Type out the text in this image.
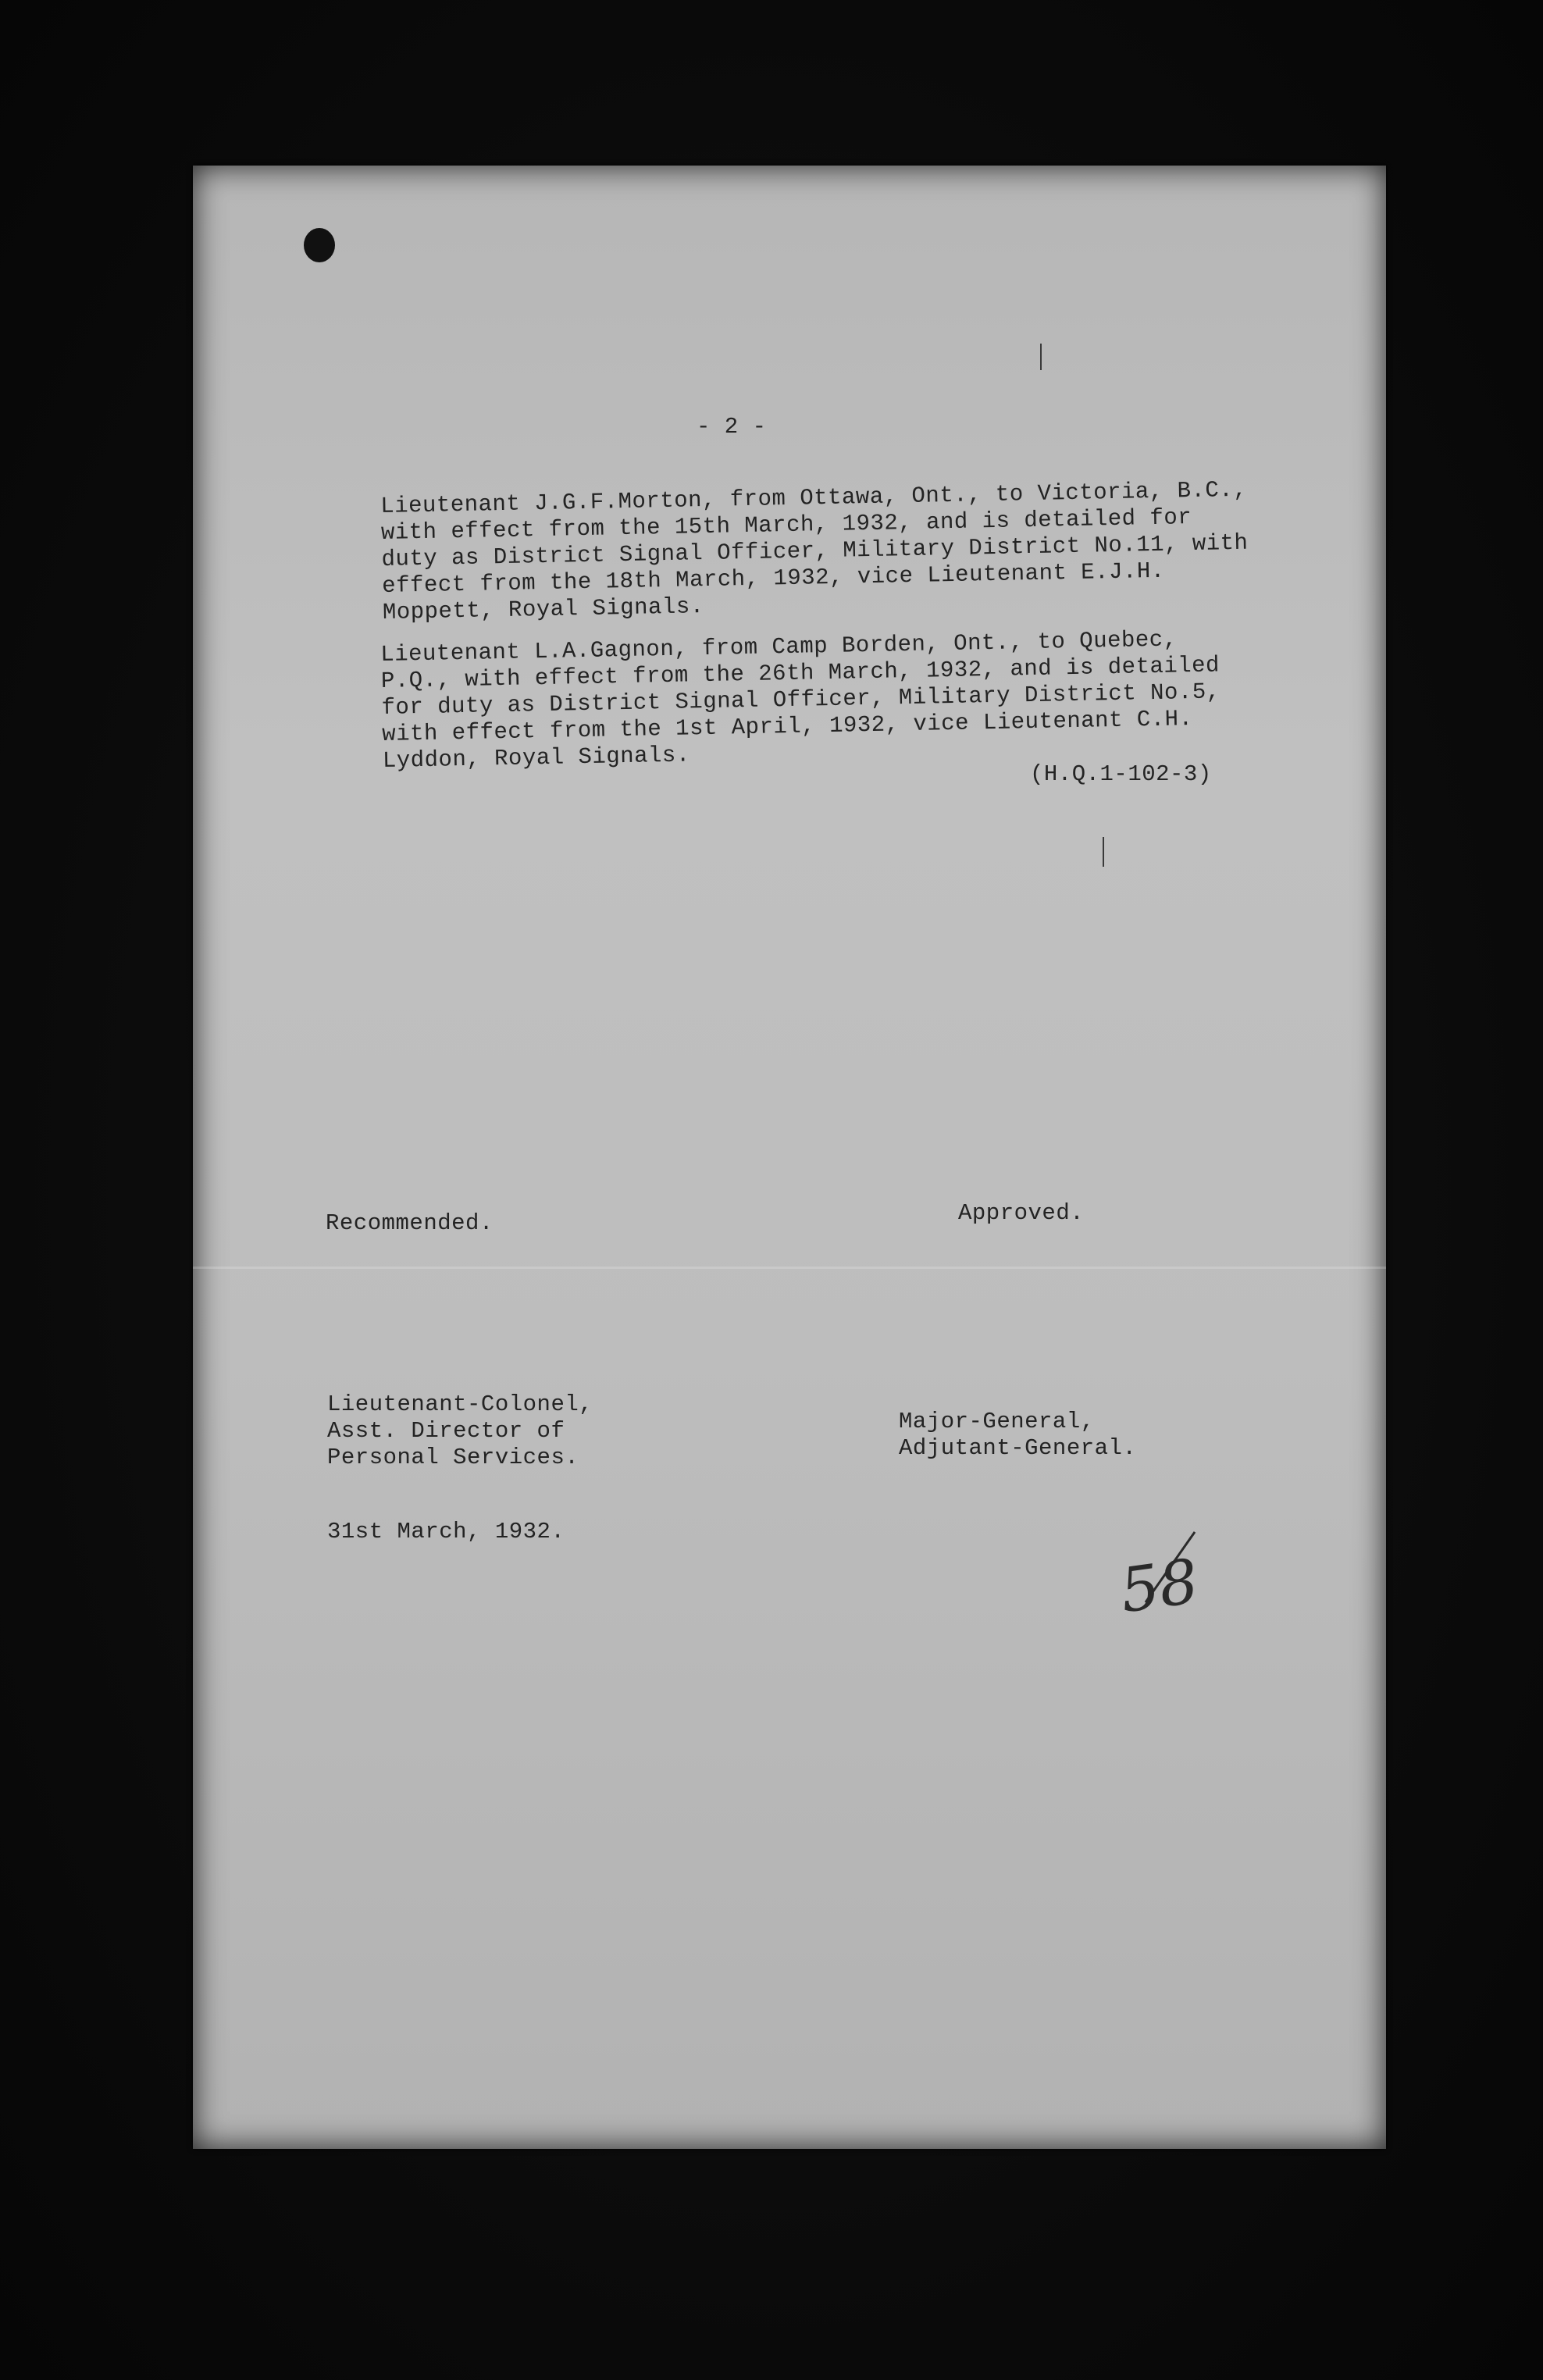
- 2 -
Lieutenant J.G.F.Morton, from Ottawa, Ont., to Victoria, B.C.,
with effect from the 15th March, 1932, and is detailed for
duty as District Signal Officer, Military District No.11, with
effect from the 18th March, 1932, vice Lieutenant E.J.H.
Moppett, Royal Signals.
Lieutenant L.A.Gagnon, from Camp Borden, Ont., to Quebec,
P.Q., with effect from the 26th March, 1932, and is detailed
for duty as District Signal Officer, Military District No.5,
with effect from the 1st April, 1932, vice Lieutenant C.H.
Lyddon, Royal Signals.
(H.Q.1-102-3)
Recommended.	Approved.
Lieutenant-Colonel,
Asst. Director of
Personal Services.
Major-General,
Adjutant-General.
31st March, 1932.
58
